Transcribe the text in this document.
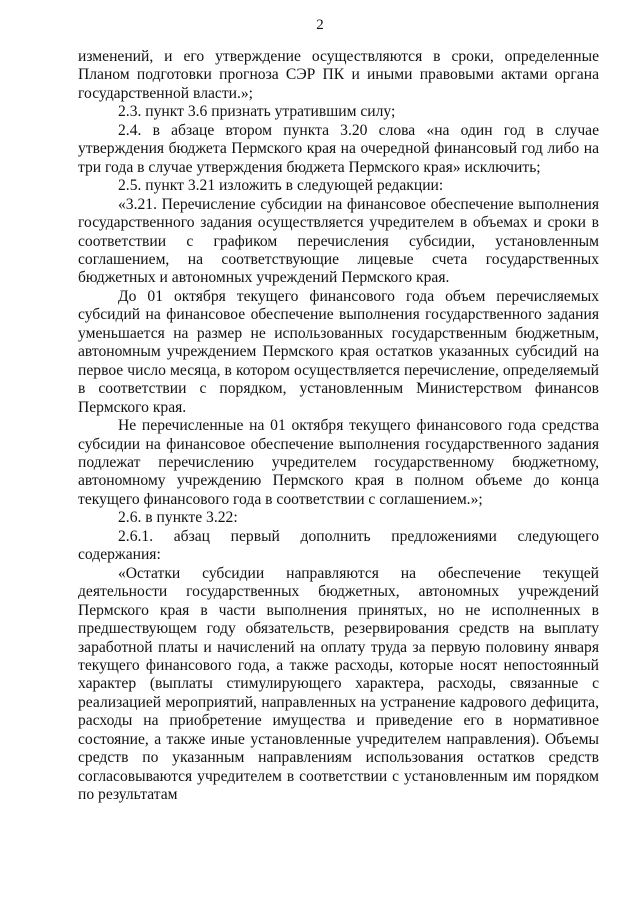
2

изменений, и его утверждение осуществляются в сроки, определенные Планом подготовки прогноза СЭР ПК и иными правовыми актами органа государственной власти.»;

2.3. пункт 3.6 признать утратившим силу;

2.4. в абзаце втором пункта 3.20 слова «на один год в случае утверждения бюджета Пермского края на очередной финансовый год либо на три года в случае утверждения бюджета Пермского края» исключить;

2.5. пункт 3.21 изложить в следующей редакции:

«3.21. Перечисление субсидии на финансовое обеспечение выполнения государственного задания осуществляется учредителем в объемах и сроки в соответствии с графиком перечисления субсидии, установленным соглашением, на соответствующие лицевые счета государственных бюджетных и автономных учреждений Пермского края.

До 01 октября текущего финансового года объем перечисляемых субсидий на финансовое обеспечение выполнения государственного задания уменьшается на размер не использованных государственным бюджетным, автономным учреждением Пермского края остатков указанных субсидий на первое число месяца, в котором осуществляется перечисление, определяемый в соответствии с порядком, установленным Министерством финансов Пермского края.

Не перечисленные на 01 октября текущего финансового года средства субсидии на финансовое обеспечение выполнения государственного задания подлежат перечислению учредителем государственному бюджетному, автономному учреждению Пермского края в полном объеме до конца текущего финансового года в соответствии с соглашением.»;

2.6. в пункте 3.22:

2.6.1. абзац первый дополнить предложениями следующего содержания:

«Остатки субсидии направляются на обеспечение текущей деятельности государственных бюджетных, автономных учреждений Пермского края в части выполнения принятых, но не исполненных в предшествующем году обязательств, резервирования средств на выплату заработной платы и начислений на оплату труда за первую половину января текущего финансового года, а также расходы, которые носят непостоянный характер (выплаты стимулирующего характера, расходы, связанные с реализацией мероприятий, направленных на устранение кадрового дефицита, расходы на приобретение имущества и приведение его в нормативное состояние, а также иные установленные учредителем направления). Объемы средств по указанным направлениям использования остатков средств согласовываются учредителем в соответствии с установленным им порядком по результатам
